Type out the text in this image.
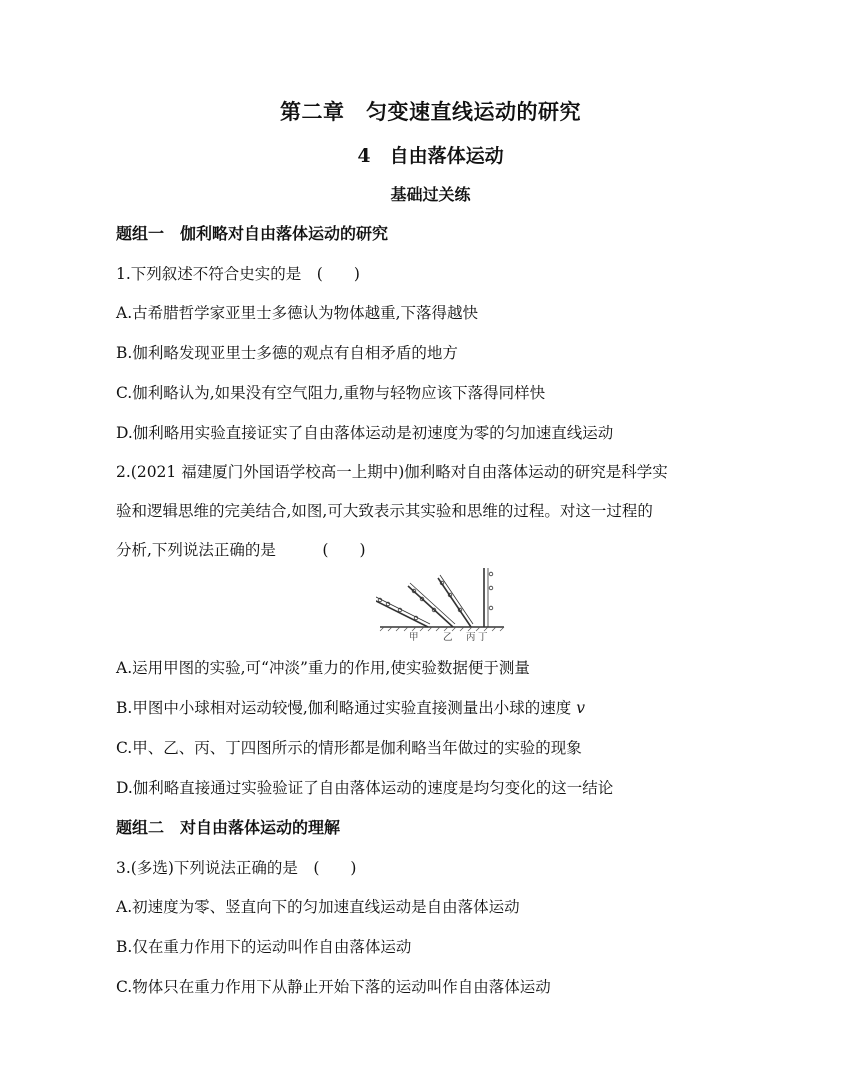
第二章　匀变速直线运动的研究
4　自由落体运动
基础过关练
题组一　伽利略对自由落体运动的研究
1.下列叙述不符合史实的是　(　　)
A.古希腊哲学家亚里士多德认为物体越重,下落得越快
B.伽利略发现亚里士多德的观点有自相矛盾的地方
C.伽利略认为,如果没有空气阻力,重物与轻物应该下落得同样快
D.伽利略用实验直接证实了自由落体运动是初速度为零的匀加速直线运动
2.(2021 福建厦门外国语学校高一上期中)伽利略对自由落体运动的研究是科学实
验和逻辑思维的完美结合,如图,可大致表示其实验和思维的过程。对这一过程的
分析,下列说法正确的是　　　(　　)
甲	乙 丙 丁
A.运用甲图的实验,可“冲淡”重力的作用,使实验数据便于测量
B.甲图中小球相对运动较慢,伽利略通过实验直接测量出小球的速度 v
C.甲、乙、丙、丁四图所示的情形都是伽利略当年做过的实验的现象
D.伽利略直接通过实验验证了自由落体运动的速度是均匀变化的这一结论
题组二　对自由落体运动的理解
3.(多选)下列说法正确的是　(　　)
A.初速度为零、竖直向下的匀加速直线运动是自由落体运动
B.仅在重力作用下的运动叫作自由落体运动
C.物体只在重力作用下从静止开始下落的运动叫作自由落体运动
